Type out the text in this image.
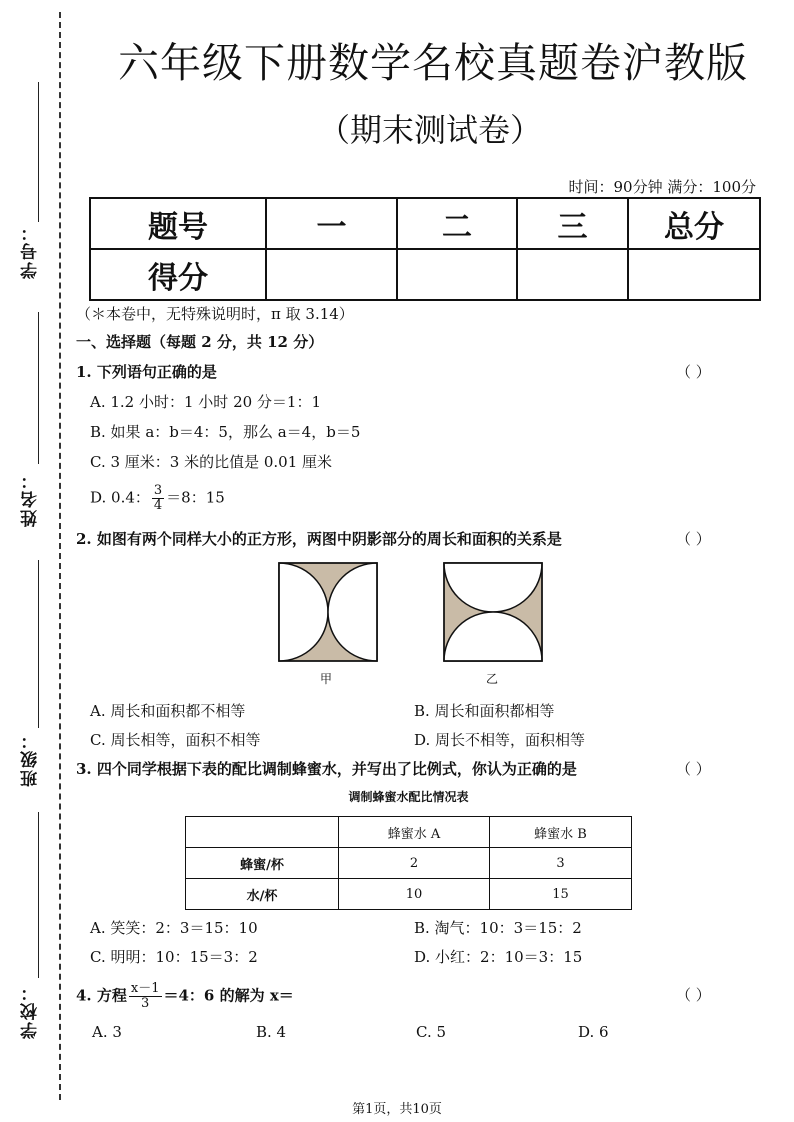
学号：
姓名：
班级：
学校：
六年级下册数学名校真题卷沪教版
（期末测试卷）
时间：90分钟 满分：100分
题号	一	二	三	总分
得分				
（＊本卷中，无特殊说明时，π 取 3.14）
一、选择题（每题 2 分，共 12 分）
1. 下列语句正确的是	（ ）
A. 1.2 小时：1 小时 20 分＝1：1
B. 如果 a：b＝4：5，那么 a＝4，b＝5
C. 3 厘米：3 米的比值是 0.01 厘米
D. 0.4： $\frac{3}{4} =8$：15
2. 如图有两个同样大小的正方形，两图中阴影部分的周长和面积的关系是	（ ）
甲	乙
A. 周长和面积都不相等	B. 周长和面积都相等
C. 周长相等，面积不相等	D. 周长不相等，面积相等
3. 四个同学根据下表的配比调制蜂蜜水，并写出了比例式，你认为正确的是	（ ）
调制蜂蜜水配比情况表
	蜂蜜水 A	蜂蜜水 B
蜂蜜/杯	2	3
水/杯	10	15
A. 笑笑：2：3＝15：10	B. 淘气：10：3＝15：2
C. 明明：10：15＝3：2	D. 小红：2：10＝3：15
4. 方程 $\frac{x-1}{3} =4$：6 的解为 x＝	（ ）
A. 3	B. 4	C. 5	D. 6
第1页，共10页
